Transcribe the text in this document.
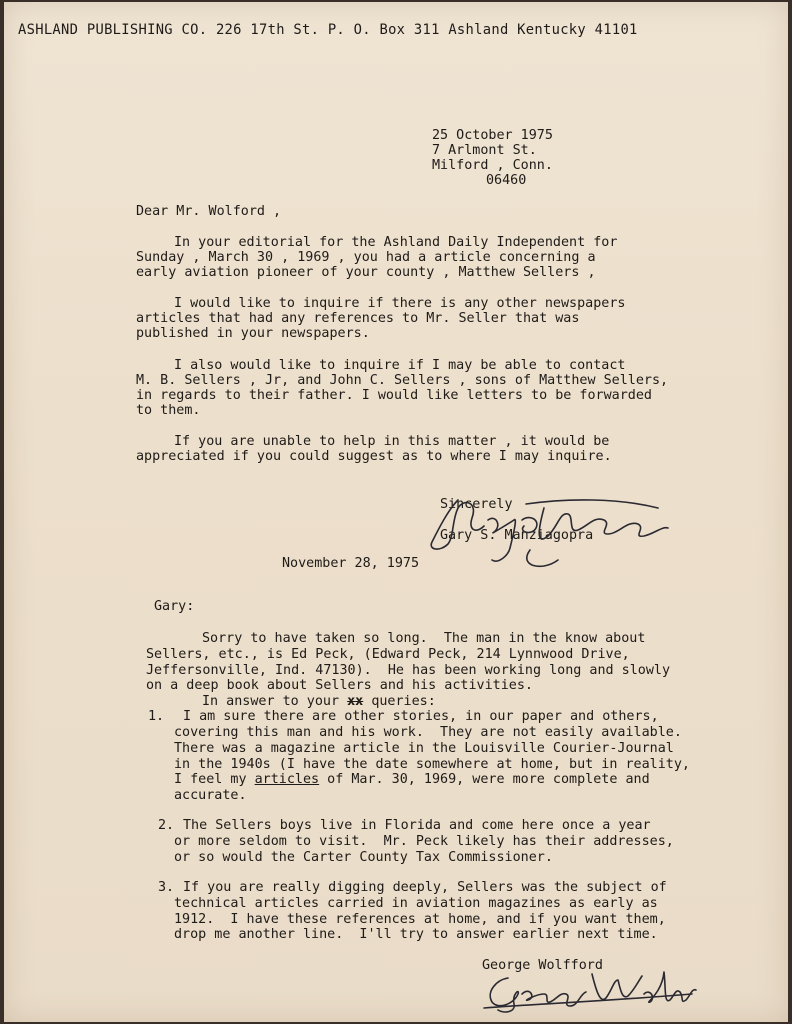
ASHLAND PUBLISHING CO. 226 17th St. P. O. Box 311 Ashland Kentucky 41101
25 October 1975
7 Arlmont St.
Milford , Conn.
06460
Dear Mr. Wolford ,
In your editorial for the Ashland Daily Independent for
Sunday , March 30 , 1969 , you had a article concerning a
early aviation pioneer of your county , Matthew Sellers ,
I would like to inquire if there is any other newspapers
articles that had any references to Mr. Seller that was
published in your newspapers.
I also would like to inquire if I may be able to contact
M. B. Sellers , Jr, and John C. Sellers , sons of Matthew Sellers,
in regards to their father. I would like letters to be forwarded
to them.
If you are unable to help in this matter , it would be
appreciated if you could suggest as to where I may inquire.
Sincerely
Gary S. Manziagopra
November 28, 1975
Gary:
Sorry to have taken so long.  The man in the know about
Sellers, etc., is Ed Peck, (Edward Peck, 214 Lynnwood Drive,
Jeffersonville, Ind. 47130).  He has been working long and slowly
on a deep book about Sellers and his activities.
In answer to your xx queries:
1. I am sure there are other stories, in our paper and others,
covering this man and his work.  They are not easily available.
There was a magazine article in the Louisville Courier-Journal
in the 1940s (I have the date somewhere at home, but in reality,
I feel my articles of Mar. 30, 1969, were more complete and
accurate.
2. The Sellers boys live in Florida and come here once a year
or more seldom to visit.  Mr. Peck likely has their addresses,
or so would the Carter County Tax Commissioner.
3. If you are really digging deeply, Sellers was the subject of
technical articles carried in aviation magazines as early as
1912.  I have these references at home, and if you want them,
drop me another line.  I'll try to answer earlier next time.
George Wolfford
